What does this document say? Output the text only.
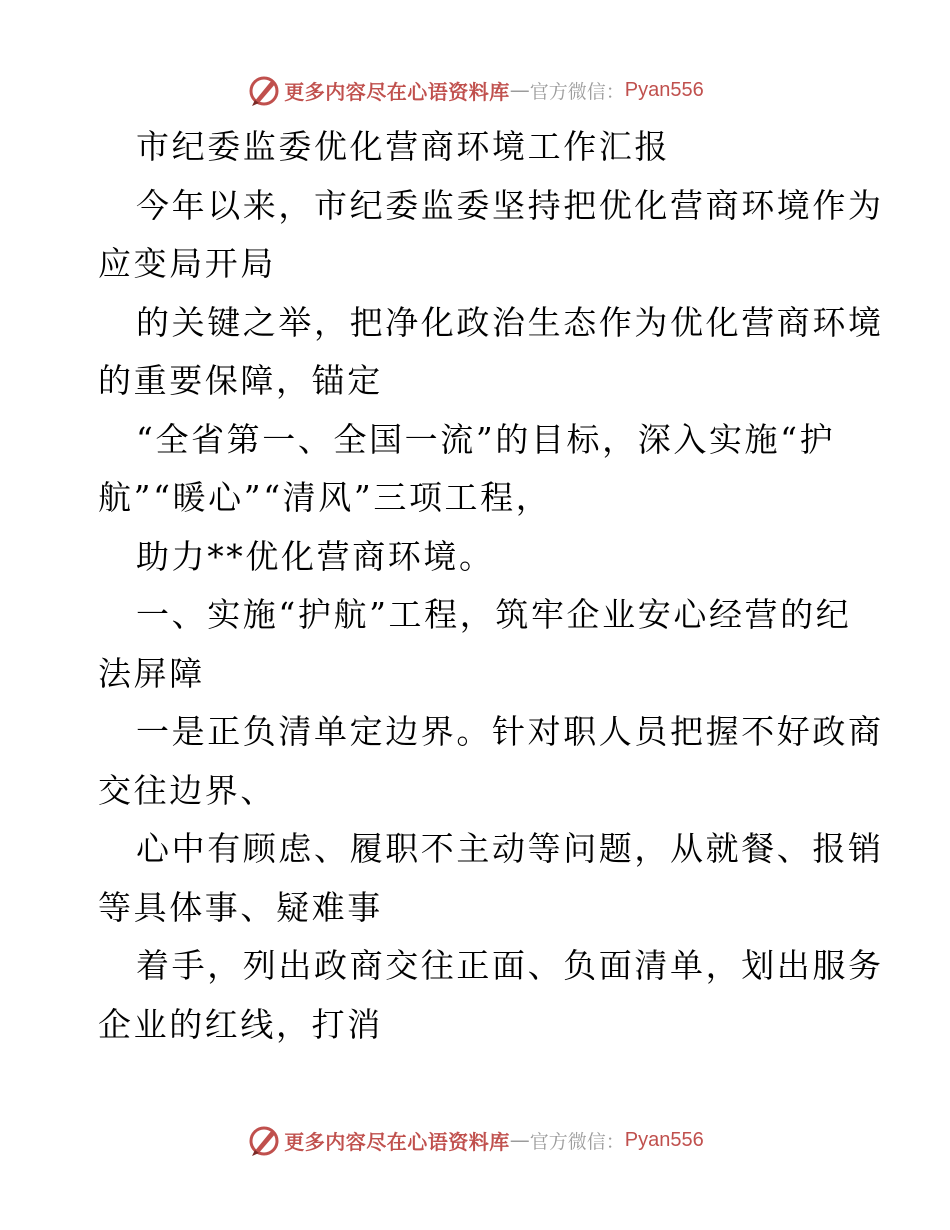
更多内容尽在心语资料库 — 官方微信： Pyan556
市纪委监委优化营商环境工作汇报
今年以来，市纪委监委坚持把优化营商环境作为
应变局开局
的关键之举，把净化政治生态作为优化营商环境
的重要保障，锚定
“全省第一、全国一流”的目标，深入实施“护
航”“暖心”“清风”三项工程，
助力**优化营商环境。
一、实施“护航”工程，筑牢企业安心经营的纪
法屏障
一是正负清单定边界。针对职人员把握不好政商
交往边界、
心中有顾虑、履职不主动等问题，从就餐、报销
等具体事、疑难事
着手，列出政商交往正面、负面清单，划出服务
企业的红线，打消
更多内容尽在心语资料库 — 官方微信： Pyan556
